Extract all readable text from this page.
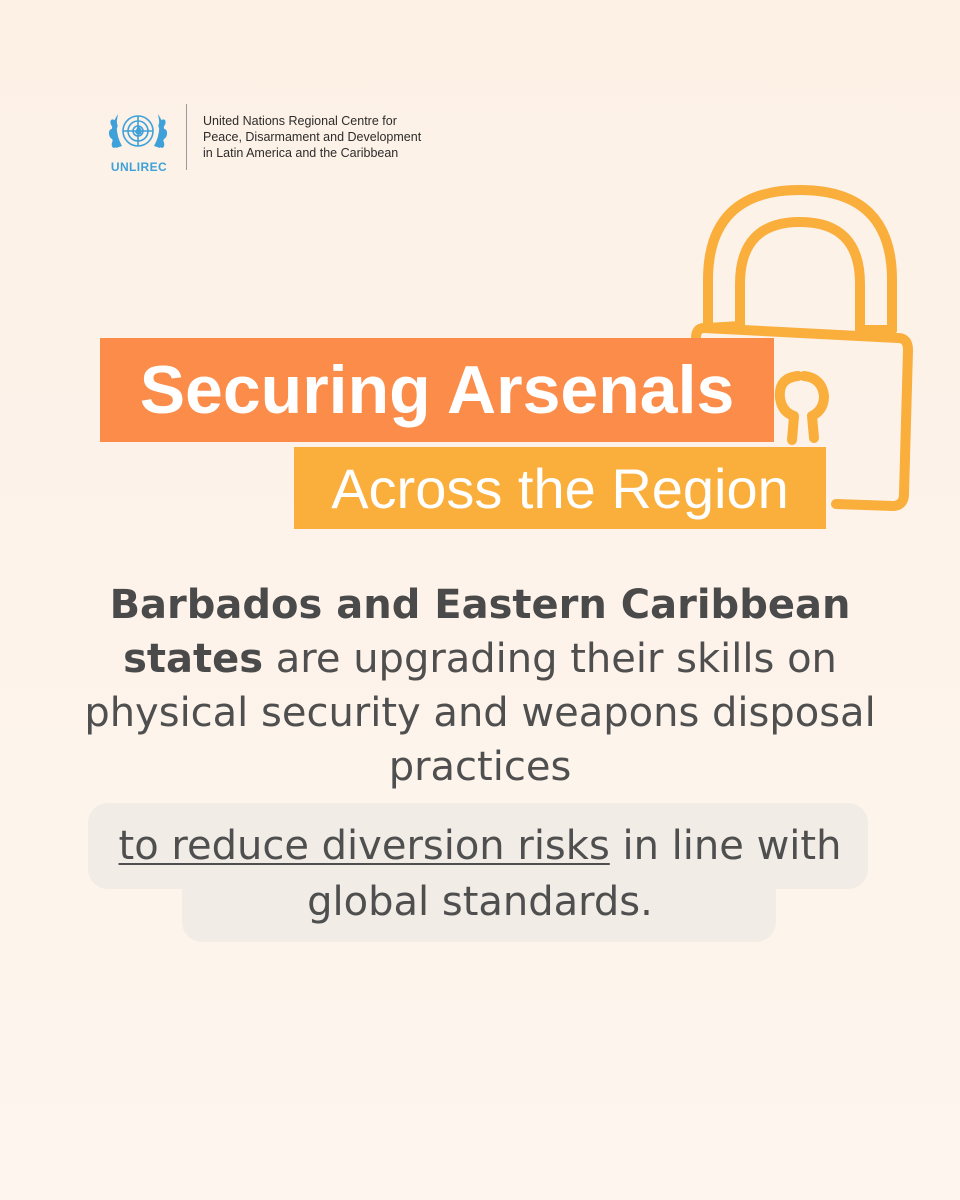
UNLIREC
United Nations Regional Centre for
Peace, Disarmament and Development
in Latin America and the Caribbean
Securing Arsenals
Across the Region
Barbados and Eastern Caribbean states are upgrading their skills on physical security and weapons disposal practices
to reduce diversion risks in line with global standards.
